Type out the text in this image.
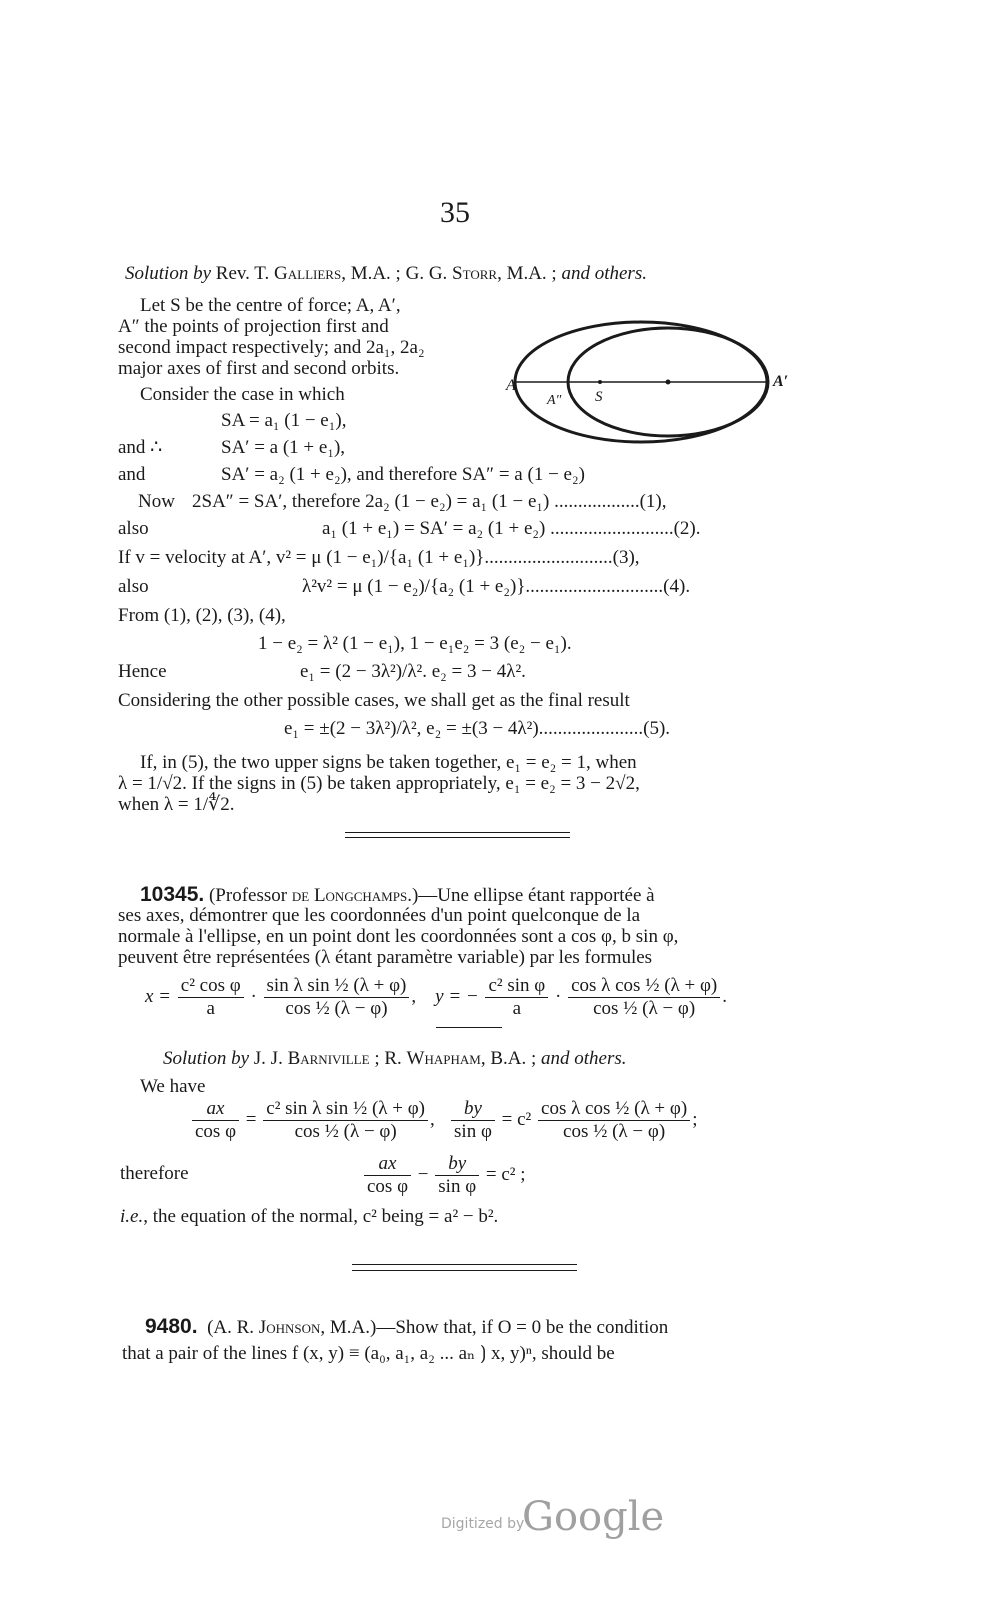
35
Solution by Rev. T. Galliers, M.A. ; G. G. Storr, M.A. ; and others.
Let S be the centre of force; A, A′,
A″ the points of projection first and
second impact respectively; and 2a₁, 2a₂
major axes of first and second orbits.
Consider the case in which	A
A″ S
A′
SA = a₁ (1 − e₁),
and ∴	SA′ = a (1 + e₁),
and	SA′ = a₂ (1 + e₂), and therefore SA″ = a (1 − e₂)
Now 2SA″ = SA′, therefore 2a₂ (1 − e₂) = a₁ (1 − e₁) ..................(1),
also	a₁ (1 + e₁) = SA′ = a₂ (1 + e₂) ..........................(2).
If v = velocity at A′, v² = μ (1 − e₁)/{a₁ (1 + e₁)}...........................(3),
also	λ²v² = μ (1 − e₂)/{a₂ (1 + e₂)}.............................(4).
From (1), (2), (3), (4),
1 − e₂ = λ² (1 − e₁), 1 − e₁e₂ = 3 (e₂ − e₁).
Hence	e₁ = (2 − 3λ²)/λ². e₂ = 3 − 4λ².
Considering the other possible cases, we shall get as the final result
e₁ = ±(2 − 3λ²)/λ², e₂ = ±(3 − 4λ²)......................(5).
If, in (5), the two upper signs be taken together, e₁ = e₂ = 1, when
λ = 1/√2. If the signs in (5) be taken appropriately, e₁ = e₂ = 3 − 2√2,
when λ = 1/∜2.
10345. (Professor de Longchamps.)—Une ellipse étant rapportée à
ses axes, démontrer que les coordonnées d'un point quelconque de la
normale à l'ellipse, en un point dont les coordonnées sont a cos φ, b sin φ,
peuvent être représentées (λ étant paramètre variable) par les formules
$x = \frac{\text{c² cos φ}}{a} \cdot \frac{\text{sin λ sin ½ (λ + φ)}}{\text{cos ½ (λ − φ)}}$ , y = − $\frac{\text{c² sin φ}}{a} \cdot \frac{\text{cos λ cos ½ (λ + φ)}}{\text{cos ½ (λ − φ)}}$ .
Solution by J. J. Barniville ; R. Whapham, B.A. ; and others.
We have
$\frac{ax}{\text{cos φ}} = \frac{\text{c² sin λ sin ½ (λ + φ)}}{\text{cos ½ (λ − φ)}}$ , $\frac{by}{\text{sin φ}} = c^2 \frac{\text{cos λ cos ½ (λ + φ)}}{\text{cos ½ (λ − φ)}}$ ;
therefore	$\frac{ax}{\text{cos φ}} - \frac{by}{\text{sin φ}} = c^2$ ;
i.e., the equation of the normal, c² being = a² − b².
9480. (A. R. Johnson, M.A.)—Show that, if O = 0 be the condition
that a pair of the lines f (x, y) ≡ (a₀, a₁, a₂ ... aₙ ⟯ x, y)ⁿ, should be
Digitized by
Google
